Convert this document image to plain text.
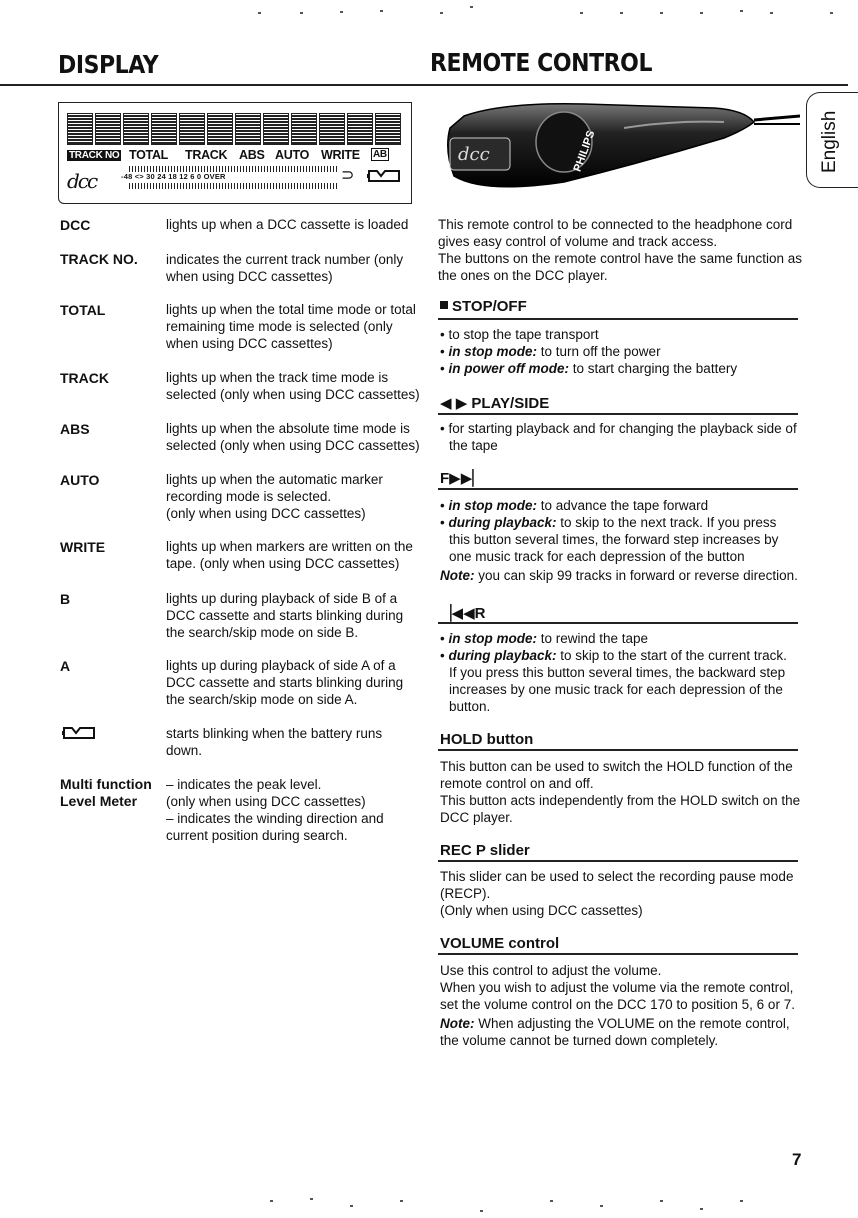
DISPLAY	REMOTE CONTROL
English
TRACK NO TOTAL TRACK ABS AUTO WRITE AB
-48 <> 30 24 18 12 6 0 OVER
dcc	⊃
dcc	PHILIPS
DCC	lights up when a DCC cassette is loaded
TRACK NO. indicates the current track number (only
when using DCC cassettes)
TOTAL	lights up when the total time mode or total
remaining time mode is selected (only
when using DCC cassettes)
TRACK	lights up when the track time mode is
selected (only when using DCC cassettes)
ABS	lights up when the absolute time mode is
selected (only when using DCC cassettes)
AUTO	lights up when the automatic marker
recording mode is selected.
(only when using DCC cassettes)
WRITE	lights up when markers are written on the
tape. (only when using DCC cassettes)
B	lights up during playback of side B of a
DCC cassette and starts blinking during
the search/skip mode on side B.
A	lights up during playback of side A of a
DCC cassette and starts blinking during
the search/skip mode on side A.
starts blinking when the battery runs
down.
Multi function
Level Meter
– indicates the peak level.
(only when using DCC cassettes)
– indicates the winding direction and
current position during search.
This remote control to be connected to the headphone cord
gives easy control of volume and track access.
The buttons on the remote control have the same function as
the ones on the DCC player.
STOP/OFF
• to stop the tape transport
• in stop mode: to turn off the power
• in power off mode: to start charging the battery
◀ ▶ PLAY/SIDE
• for starting playback and for changing the playback side of
the tape
F▶▶▏
• in stop mode: to advance the tape forward
• during playback: to skip to the next track. If you press
this button several times, the forward step increases by
one music track for each depression of the button
Note: you can skip 99 tracks in forward or reverse direction.
▕◀◀R
• in stop mode: to rewind the tape
• during playback: to skip to the start of the current track.
If you press this button several times, the backward step
increases by one music track for each depression of the
button.
HOLD button
This button can be used to switch the HOLD function of the
remote control on and off.
This button acts independently from the HOLD switch on the
DCC player.
REC P slider
This slider can be used to select the recording pause mode
(RECP).
(Only when using DCC cassettes)
VOLUME control
Use this control to adjust the volume.
When you wish to adjust the volume via the remote control,
set the volume control on the DCC 170 to position 5, 6 or 7.
Note: When adjusting the VOLUME on the remote control,
the volume cannot be turned down completely.
7
